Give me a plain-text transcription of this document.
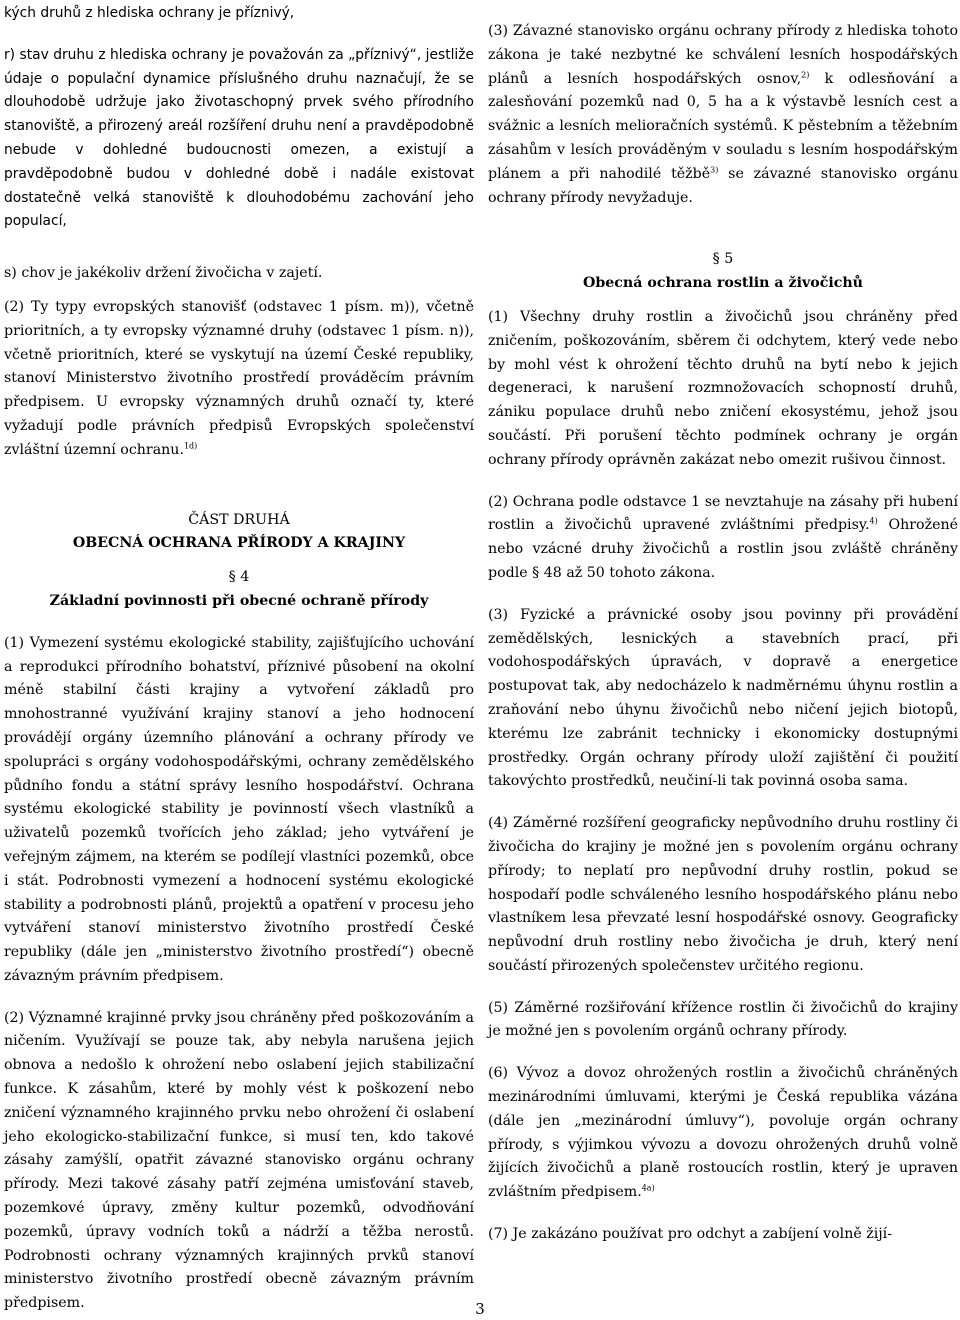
kých druhů z hlediska ochrany je příznivý,

r) stav druhu z hlediska ochrany je považován za „příznivý“, jestliže údaje o populační dynamice příslušného druhu naznačují, že se dlouhodobě udržuje jako životaschopný prvek svého přírodního stanoviště, a přirozený areál rozšíření druhu není a pravděpodobně nebude v dohledné budoucnosti omezen, a existují a pravděpodobně budou v dohledné době i nadále existovat dostatečně velká stanoviště k dlouhodobému zachování jeho populací,

s) chov je jakékoliv držení živočicha v zajetí.

(2) Ty typy evropských stanovišť (odstavec 1 písm. m)), včetně prioritních, a ty evropsky významné druhy (odstavec 1 písm. n)), včetně prioritních, které se vyskytují na území České republiky, stanoví Ministerstvo životního prostředí prováděcím právním předpisem. U evropsky významných druhů označí ty, které vyžadují podle právních předpisů Evropských společenství zvláštní územní ochranu.$^{1d)}$

ČÁST DRUHÁ

OBECNÁ OCHRANA PŘÍRODY A KRAJINY

§ 4

Základní povinnosti při obecné ochraně přírody

(1) Vymezení systému ekologické stability, zajišťujícího uchování a reprodukci přírodního bohatství, příznivé působení na okolní méně stabilní části krajiny a vytvoření základů pro mnohostranné využívání krajiny stanoví a jeho hodnocení provádějí orgány územního plánování a ochrany přírody ve spolupráci s orgány vodohospodářskými, ochrany zemědělského půdního fondu a státní správy lesního hospodářství. Ochrana systému ekologické stability je povinností všech vlastníků a uživatelů pozemků tvořících jeho základ; jeho vytváření je veřejným zájmem, na kterém se podílejí vlastníci pozemků, obce i stát. Podrobnosti vymezení a hodnocení systému ekologické stability a podrobnosti plánů, projektů a opatření v procesu jeho vytváření stanoví ministerstvo životního prostředí České republiky (dále jen „ministerstvo životního prostředí“) obecně závazným právním předpisem.

(2) Významné krajinné prvky jsou chráněny před poškozováním a ničením. Využívají se pouze tak, aby nebyla narušena jejich obnova a nedošlo k ohrožení nebo oslabení jejich stabilizační funkce. K zásahům, které by mohly vést k poškození nebo zničení významného krajinného prvku nebo ohrožení či oslabení jeho ekologicko-stabilizační funkce, si musí ten, kdo takové zásahy zamýšlí, opatřit závazné stanovisko orgánu ochrany přírody. Mezi takové zásahy patří zejména umisťování staveb, pozemkové úpravy, změny kultur pozemků, odvodňování pozemků, úpravy vodních toků a nádrží a těžba nerostů. Podrobnosti ochrany významných krajinných prvků stanoví ministerstvo životního prostředí obecně závazným právním předpisem.

(3) Závazné stanovisko orgánu ochrany přírody z hlediska tohoto zákona je také nezbytné ke schválení lesních hospodářských plánů a lesních hospodářských osnov,$^{2)}$ k odlesňování a zalesňování pozemků nad 0, 5 ha a k výstavbě lesních cest a svážnic a lesních melioračních systémů. K pěstebním a těžebním zásahům v lesích prováděným v souladu s lesním hospodářským plánem a při nahodilé těžbě$^{3)}$ se závazné stanovisko orgánu ochrany přírody nevyžaduje.

§ 5

Obecná ochrana rostlin a živočichů

(1) Všechny druhy rostlin a živočichů jsou chráněny před zničením, poškozováním, sběrem či odchytem, který vede nebo by mohl vést k ohrožení těchto druhů na bytí nebo k jejich degeneraci, k narušení rozmnožovacích schopností druhů, zániku populace druhů nebo zničení ekosystému, jehož jsou součástí. Při porušení těchto podmínek ochrany je orgán ochrany přírody oprávněn zakázat nebo omezit rušivou činnost.

(2) Ochrana podle odstavce 1 se nevztahuje na zásahy při hubení rostlin a živočichů upravené zvláštními předpisy.$^{4)}$ Ohrožené nebo vzácné druhy živočichů a rostlin jsou zvláště chráněny podle § 48 až 50 tohoto zákona.

(3) Fyzické a právnické osoby jsou povinny při provádění zemědělských, lesnických a stavebních prací, při vodohospodářských úpravách, v dopravě a energetice postupovat tak, aby nedocházelo k nadměrnému úhynu rostlin a zraňování nebo úhynu živočichů nebo ničení jejich biotopů, kterému lze zabránit technicky i ekonomicky dostupnými prostředky. Orgán ochrany přírody uloží zajištění či použití takovýchto prostředků, neučiní-li tak povinná osoba sama.

(4) Záměrné rozšíření geograficky nepůvodního druhu rostliny či živočicha do krajiny je možné jen s povolením orgánu ochrany přírody; to neplatí pro nepůvodní druhy rostlin, pokud se hospodaří podle schváleného lesního hospodářského plánu nebo vlastníkem lesa převzaté lesní hospodářské osnovy. Geograficky nepůvodní druh rostliny nebo živočicha je druh, který není součástí přirozených společenstev určitého regionu.

(5) Záměrné rozšiřování křížence rostlin či živočichů do krajiny je možné jen s povolením orgánů ochrany přírody.

(6) Vývoz a dovoz ohrožených rostlin a živočichů chráněných mezinárodními úmluvami, kterými je Česká republika vázána (dále jen „mezinárodní úmluvy“), povoluje orgán ochrany přírody, s výjimkou vývozu a dovozu ohrožených druhů volně žijících živočichů a planě rostoucích rostlin, který je upraven zvláštním předpisem.$^{4a)}$

(7) Je zakázáno používat pro odchyt a zabíjení volně žijí-

3
